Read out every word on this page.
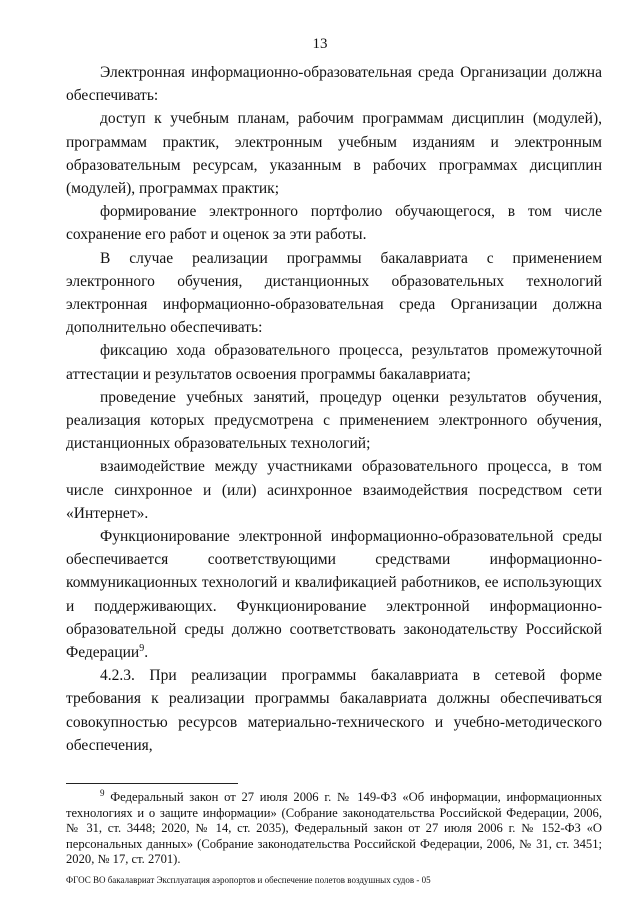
13

Электронная информационно-образовательная среда Организации должна обеспечивать:

доступ к учебным планам, рабочим программам дисциплин (модулей), программам практик, электронным учебным изданиям и электронным образовательным ресурсам, указанным в рабочих программах дисциплин (модулей), программах практик;

формирование электронного портфолио обучающегося, в том числе сохранение его работ и оценок за эти работы.

В случае реализации программы бакалавриата с применением электронного обучения, дистанционных образовательных технологий электронная информационно-образовательная среда Организации должна дополнительно обеспечивать:

фиксацию хода образовательного процесса, результатов промежуточной аттестации и результатов освоения программы бакалавриата;

проведение учебных занятий, процедур оценки результатов обучения, реализация которых предусмотрена с применением электронного обучения, дистанционных образовательных технологий;

взаимодействие между участниками образовательного процесса, в том числе синхронное и (или) асинхронное взаимодействия посредством сети «Интернет».

Функционирование электронной информационно-образовательной среды обеспечивается соответствующими средствами информационно-коммуникационных технологий и квалификацией работников, ее использующих и поддерживающих. Функционирование электронной информационно-образовательной среды должно соответствовать законодательству Российской Федерации$^9$.

4.2.3. При реализации программы бакалавриата в сетевой форме требования к реализации программы бакалавриата должны обеспечиваться совокупностью ресурсов материально-технического и учебно-методического обеспечения,

$^9$ Федеральный закон от 27 июля 2006 г. № 149-ФЗ «Об информации, информационных технологиях и о защите информации» (Собрание законодательства Российской Федерации, 2006, № 31, ст. 3448; 2020, № 14, ст. 2035), Федеральный закон от 27 июля 2006 г. № 152-ФЗ «О персональных данных» (Собрание законодательства Российской Федерации, 2006, № 31, ст. 3451; 2020, № 17, ст. 2701).

ФГОС ВО бакалавриат Эксплуатация аэропортов и обеспечение полетов воздушных судов - 05
